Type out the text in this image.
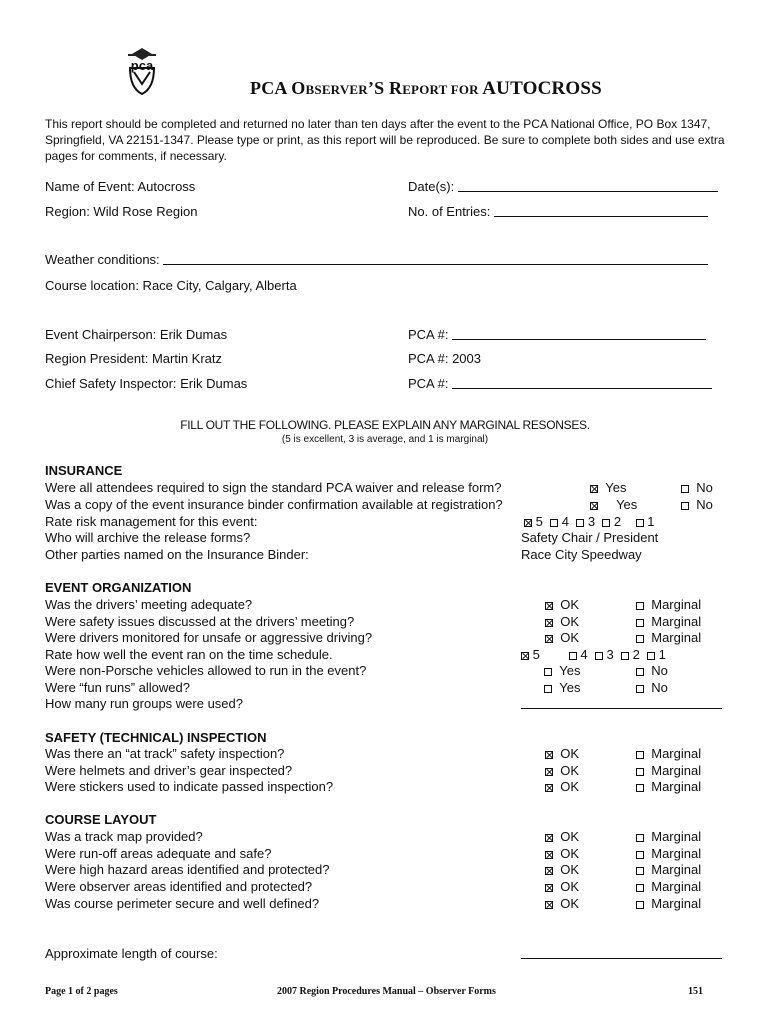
pca
PCA OBSERVER’S REPORT FOR AUTOCROSS
This report should be completed and returned no later than ten days after the event to the PCA National Office, PO Box 1347, Springfield, VA 22151-1347. Please type or print, as this report will be reproduced. Be sure to complete both sides and use extra pages for comments, if necessary.
Name of Event: Autocross	Date(s):
Region: Wild Rose Region	No. of Entries:
Weather conditions:
Course location: Race City, Calgary, Alberta
Event Chairperson: Erik Dumas	PCA #:
Region President: Martin Kratz	PCA #: 2003
Chief Safety Inspector: Erik Dumas	PCA #:
FILL OUT THE FOLLOWING. PLEASE EXPLAIN ANY MARGINAL RESONSES.
(5 is excellent, 3 is average, and 1 is marginal)
INSURANCE
Were all attendees required to sign the standard PCA waiver and release form?	Yes	No
Was a copy of the event insurance binder confirmation available at registration?	Yes	No
Rate risk management for this event:	5 4 3 2 1
Who will archive the release forms?	Safety Chair / President
Other parties named on the Insurance Binder:	Race City Speedway
EVENT ORGANIZATION
Was the drivers’ meeting adequate?	OK	Marginal
Were safety issues discussed at the drivers’ meeting?	OK	Marginal
Were drivers monitored for unsafe or aggressive driving?	OK	Marginal
Rate how well the event ran on the time schedule.	5	4 3 2 1
Were non-Porsche vehicles allowed to run in the event?	Yes	No
Were “fun runs” allowed?	Yes	No
How many run groups were used?
SAFETY (TECHNICAL) INSPECTION
Was there an “at track” safety inspection?	OK	Marginal
Were helmets and driver’s gear inspected?	OK	Marginal
Were stickers used to indicate passed inspection?	OK	Marginal
COURSE LAYOUT
Was a track map provided?	OK	Marginal
Were run-off areas adequate and safe?	OK	Marginal
Were high hazard areas identified and protected?	OK	Marginal
Were observer areas identified and protected?	OK	Marginal
Was course perimeter secure and well defined?	OK	Marginal
Approximate length of course:
Page 1 of 2 pages	2007 Region Procedures Manual – Observer Forms	151
